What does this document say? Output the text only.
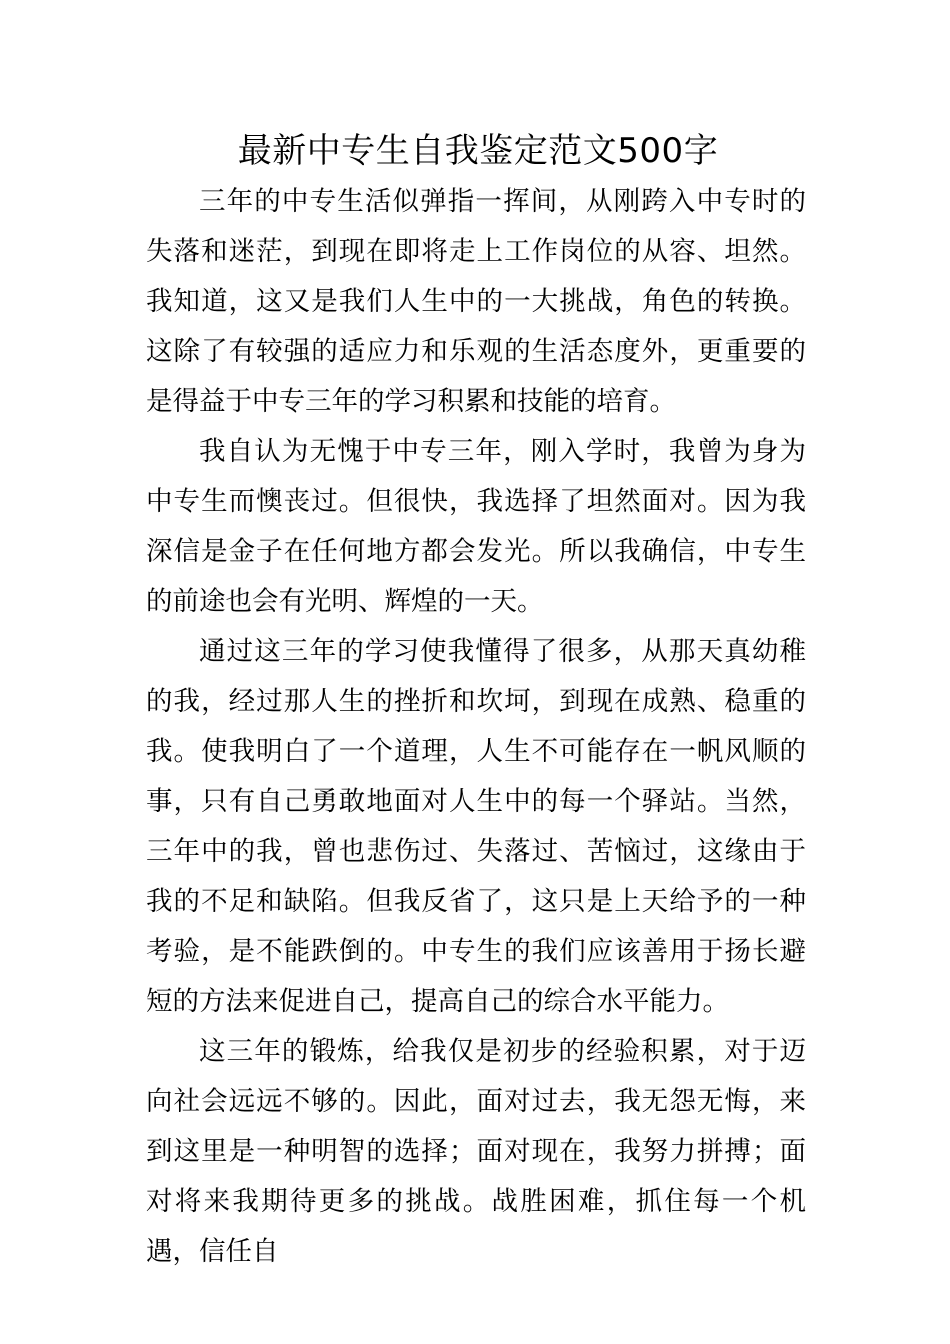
最新中专生自我鉴定范文500字

三年的中专生活似弹指一挥间，从刚跨入中专时的失落和迷茫，到现在即将走上工作岗位的从容、坦然。我知道，这又是我们人生中的一大挑战，角色的转换。这除了有较强的适应力和乐观的生活态度外，更重要的是得益于中专三年的学习积累和技能的培育。

我自认为无愧于中专三年，刚入学时，我曾为身为中专生而懊丧过。但很快，我选择了坦然面对。因为我深信是金子在任何地方都会发光。所以我确信，中专生的前途也会有光明、辉煌的一天。

通过这三年的学习使我懂得了很多，从那天真幼稚的我，经过那人生的挫折和坎坷，到现在成熟、稳重的我。使我明白了一个道理，人生不可能存在一帆风顺的事，只有自己勇敢地面对人生中的每一个驿站。当然，三年中的我，曾也悲伤过、失落过、苦恼过，这缘由于我的不足和缺陷。但我反省了，这只是上天给予的一种考验，是不能跌倒的。中专生的我们应该善用于扬长避短的方法来促进自己，提高自己的综合水平能力。

这三年的锻炼，给我仅是初步的经验积累，对于迈向社会远远不够的。因此，面对过去，我无怨无悔，来到这里是一种明智的选择；面对现在，我努力拼搏；面对将来我期待更多的挑战。战胜困难，抓住每一个机遇，信任自
